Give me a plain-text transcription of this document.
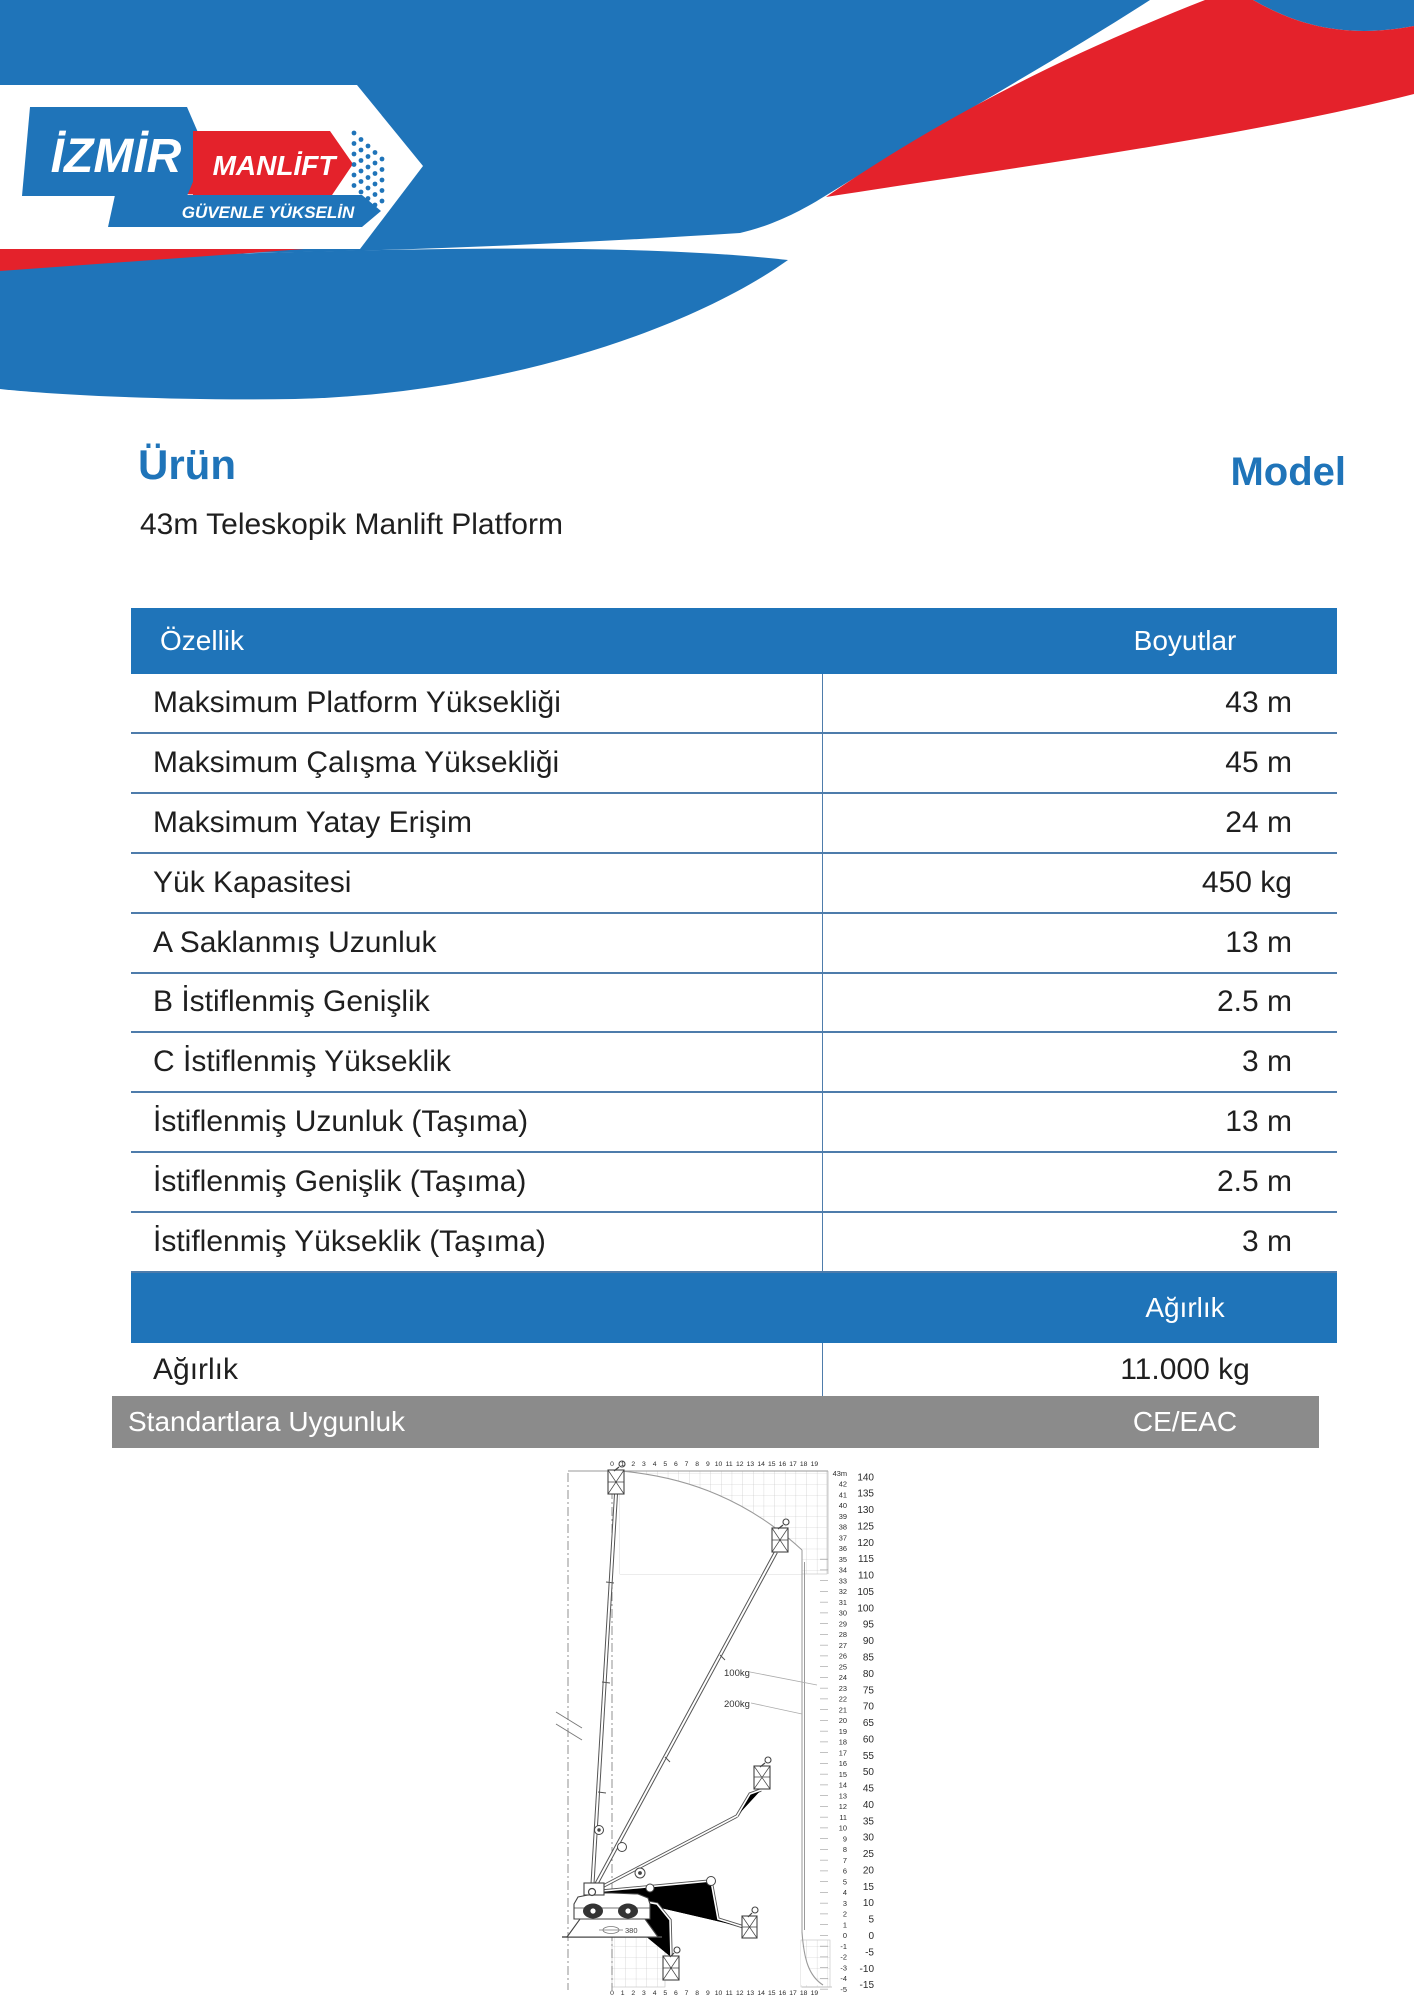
İZMİR MANLİFT
GÜVENLE YÜKSELİN
Ürün	Model
43m Teleskopik Manlift Platform
Özellik	Boyutlar
Maksimum Platform Yüksekliği	43 m
Maksimum Çalışma Yüksekliği	45 m
Maksimum Yatay Erişim	24 m
Yük Kapasitesi	450 kg
A Saklanmış Uzunluk	13 m
B İstiflenmiş Genişlik	2.5 m
C İstiflenmiş Yükseklik	3 m
İstiflenmiş Uzunluk (Taşıma)	13 m
İstiflenmiş Genişlik (Taşıma)	2.5 m
İstiflenmiş Yükseklik (Taşıma)	3 m
Ağırlık
Ağırlık	11.000 kg
Standartlara Uygunluk	CE/EAC
100kg
200kg
380
0 1 2 3 4 5 6 7 8 9 10 11 12 13 14 15 16 17 18 19
0 1 2 3 4 5 6 7 8 9 10 11 12 13 14 15 16 17 18 19
43m
42
41
40
39
38
37
36
35
34
33
32
31
30
29
28
27
26
25
24
23
22
21
20
19
18
17
16
15
14
13
12
11
10
9
8
7
6
5
4
3
2
1
0
-1
-2
-3
-4
-5
140
135
130
125
120
115
110
105
100
95
90
85
80
75
70
65
60
55
50
45
40
35
30
25
20
15
10
5
0
-5
-10
-15
